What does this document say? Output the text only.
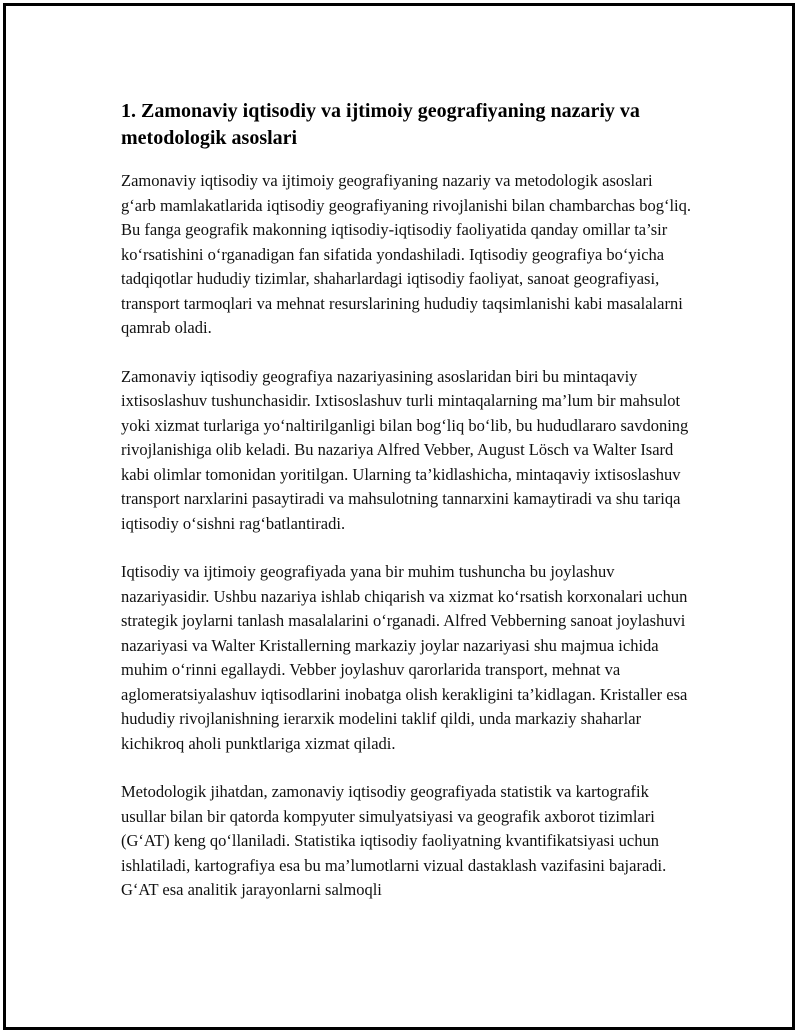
1. Zamonaviy iqtisodiy va ijtimoiy geografiyaning nazariy va metodologik asoslari

Zamonaviy iqtisodiy va ijtimoiy geografiyaning nazariy va metodologik asoslari g‘arb mamlakatlarida iqtisodiy geografiyaning rivojlanishi bilan chambarchas bog‘liq. Bu fanga geografik makonning iqtisodiy-iqtisodiy faoliyatida qanday omillar ta’sir ko‘rsatishini o‘rganadigan fan sifatida yondashiladi. Iqtisodiy geografiya bo‘yicha tadqiqotlar hududiy tizimlar, shaharlardagi iqtisodiy faoliyat, sanoat geografiyasi, transport tarmoqlari va mehnat resurslarining hududiy taqsimlanishi kabi masalalarni qamrab oladi.

Zamonaviy iqtisodiy geografiya nazariyasining asoslaridan biri bu mintaqaviy ixtisoslashuv tushunchasidir. Ixtisoslashuv turli mintaqalarning ma’lum bir mahsulot yoki xizmat turlariga yo‘naltirilganligi bilan bog‘liq bo‘lib, bu hududlararo savdoning rivojlanishiga olib keladi. Bu nazariya Alfred Vebber, August Lösch va Walter Isard kabi olimlar tomonidan yoritilgan. Ularning ta’kidlashicha, mintaqaviy ixtisoslashuv transport narxlarini pasaytiradi va mahsulotning tannarxini kamaytiradi va shu tariqa iqtisodiy o‘sishni rag‘batlantiradi.

Iqtisodiy va ijtimoiy geografiyada yana bir muhim tushuncha bu joylashuv nazariyasidir. Ushbu nazariya ishlab chiqarish va xizmat ko‘rsatish korxonalari uchun strategik joylarni tanlash masalalarini o‘rganadi. Alfred Vebberning sanoat joylashuvi nazariyasi va Walter Kristallerning markaziy joylar nazariyasi shu majmua ichida muhim o‘rinni egallaydi. Vebber joylashuv qarorlarida transport, mehnat va aglomeratsiyalashuv iqtisodlarini inobatga olish kerakligini ta’kidlagan. Kristaller esa hududiy rivojlanishning ierarxik modelini taklif qildi, unda markaziy shaharlar kichikroq aholi punktlariga xizmat qiladi.

Metodologik jihatdan, zamonaviy iqtisodiy geografiyada statistik va kartografik usullar bilan bir qatorda kompyuter simulyatsiyasi va geografik axborot tizimlari (G‘AT) keng qo‘llaniladi. Statistika iqtisodiy faoliyatning kvantifikatsiyasi uchun ishlatiladi, kartografiya esa bu ma’lumotlarni vizual dastaklash vazifasini bajaradi. G‘AT esa analitik jarayonlarni salmoqli
